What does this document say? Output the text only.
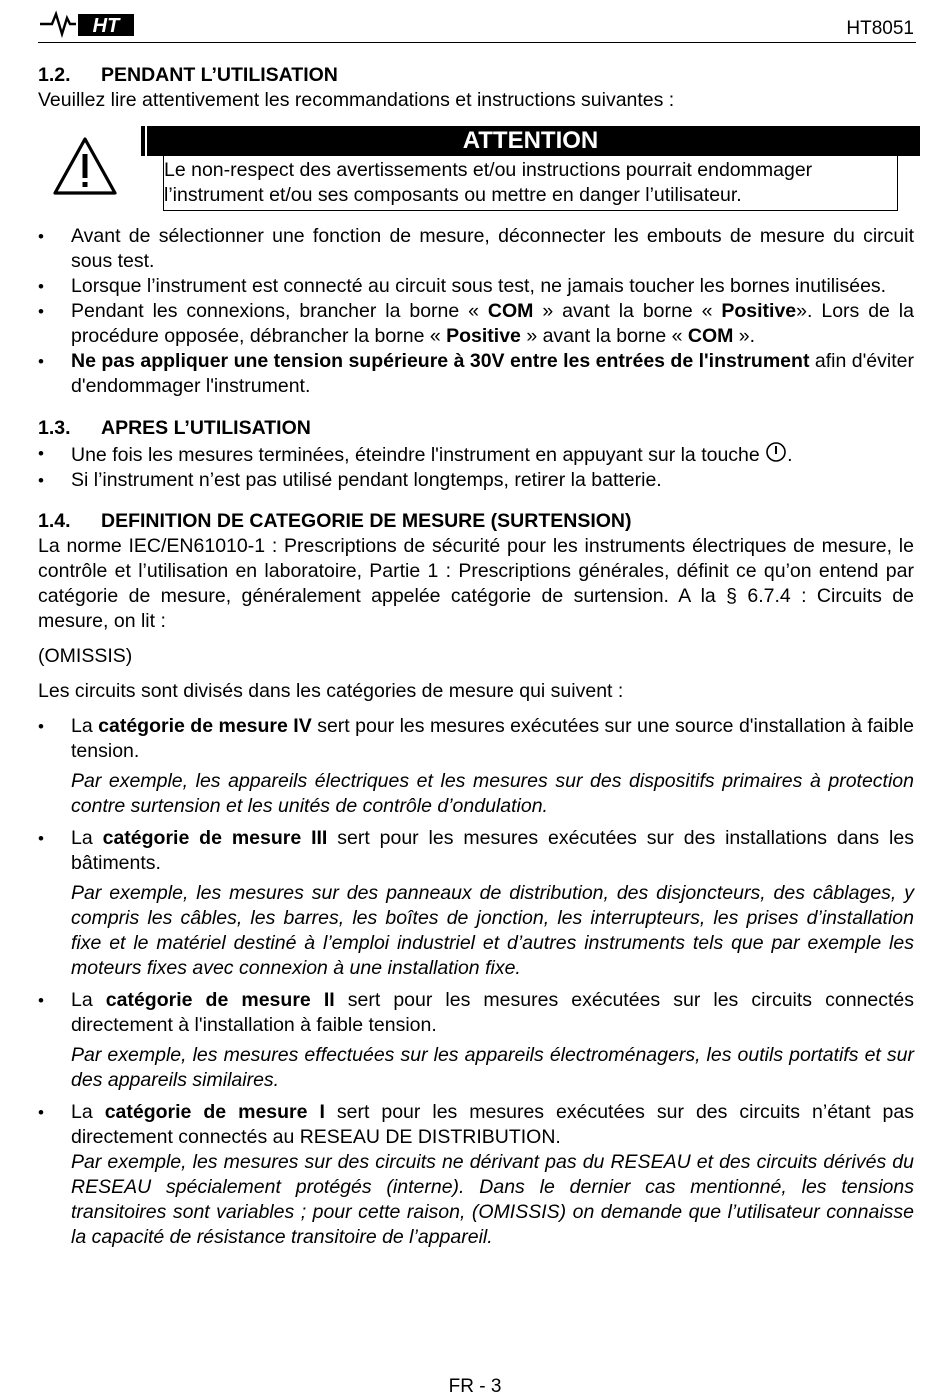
HT	HT8051

1.2. PENDANT L’UTILISATION

Veuillez lire attentivement les recommandations et instructions suivantes :

ATTENTION

Le non-respect des avertissements et/ou instructions pourrait endommager l’instrument et/ou ses composants ou mettre en danger l’utilisateur.

• Avant de sélectionner une fonction de mesure, déconnecter les embouts de mesure du circuit sous test.
• Lorsque l’instrument est connecté au circuit sous test, ne jamais toucher les bornes inutilisées.
• Pendant les connexions, brancher la borne « COM » avant la borne « Positive». Lors de la procédure opposée, débrancher la borne « Positive » avant la borne « COM ».
• Ne pas appliquer une tension supérieure à 30V entre les entrées de l'instrument afin d'éviter d'endommager l'instrument.

1.3. APRES L’UTILISATION

• Une fois les mesures terminées, éteindre l'instrument en appuyant sur la touche .
• Si l’instrument n’est pas utilisé pendant longtemps, retirer la batterie.

1.4. DEFINITION DE CATEGORIE DE MESURE (SURTENSION)

La norme IEC/EN61010-1 : Prescriptions de sécurité pour les instruments électriques de mesure, le contrôle et l’utilisation en laboratoire, Partie 1 : Prescriptions générales, définit ce qu’on entend par catégorie de mesure, généralement appelée catégorie de surtension. A la § 6.7.4 : Circuits de mesure, on lit :

(OMISSIS)

Les circuits sont divisés dans les catégories de mesure qui suivent :

• La catégorie de mesure IV sert pour les mesures exécutées sur une source d'installation à faible tension.

Par exemple, les appareils électriques et les mesures sur des dispositifs primaires à protection contre surtension et les unités de contrôle d’ondulation.

• La catégorie de mesure III sert pour les mesures exécutées sur des installations dans les bâtiments.

Par exemple, les mesures sur des panneaux de distribution, des disjoncteurs, des câblages, y compris les câbles, les barres, les boîtes de jonction, les interrupteurs, les prises d’installation fixe et le matériel destiné à l’emploi industriel et d’autres instruments tels que par exemple les moteurs fixes avec connexion à une installation fixe.

• La catégorie de mesure II sert pour les mesures exécutées sur les circuits connectés directement à l'installation à faible tension.

Par exemple, les mesures effectuées sur les appareils électroménagers, les outils portatifs et sur des appareils similaires.

• La catégorie de mesure I sert pour les mesures exécutées sur des circuits n’étant pas directement connectés au RESEAU DE DISTRIBUTION.

Par exemple, les mesures sur des circuits ne dérivant pas du RESEAU et des circuits dérivés du RESEAU spécialement protégés (interne). Dans le dernier cas mentionné, les tensions transitoires sont variables ; pour cette raison, (OMISSIS) on demande que l’utilisateur connaisse la capacité de résistance transitoire de l’appareil.

FR - 3
